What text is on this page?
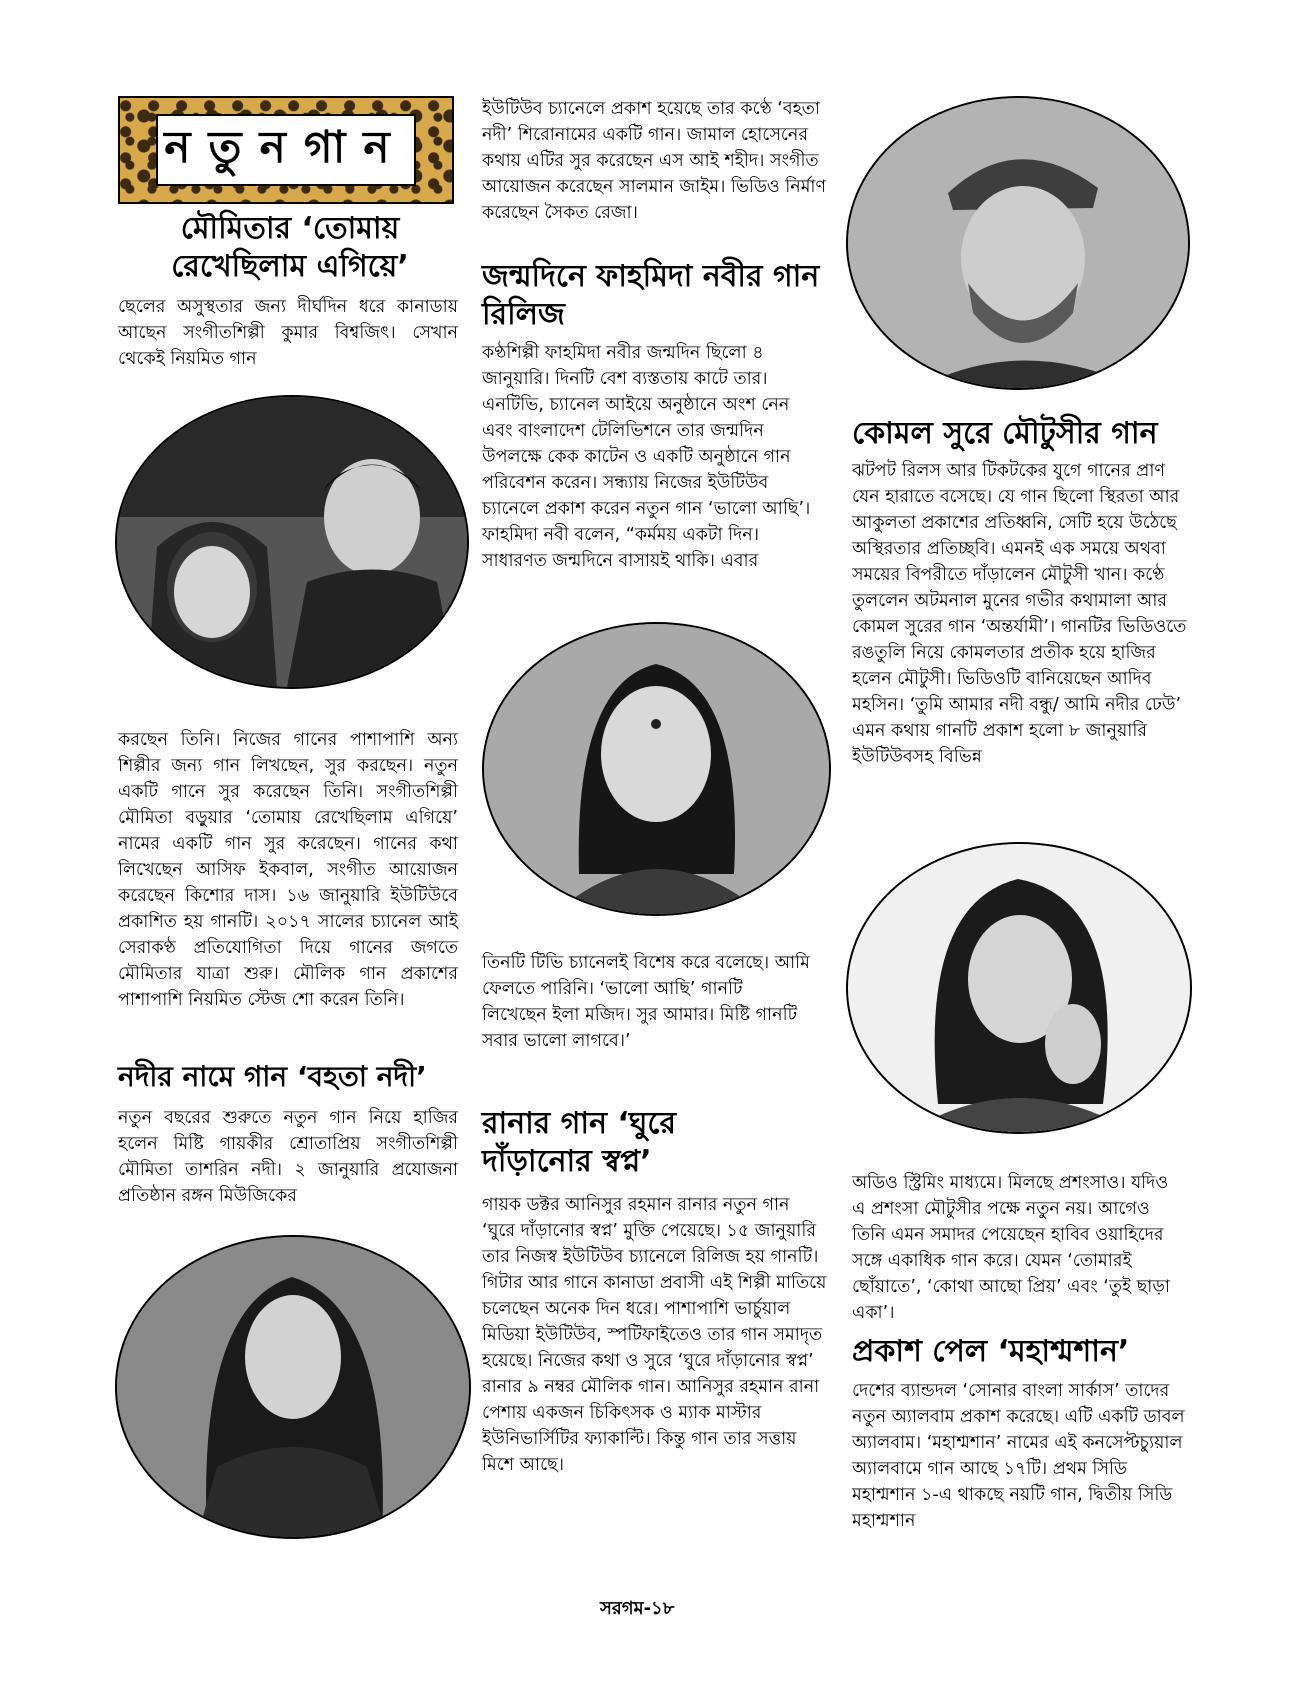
নতুনগান
মৌমিতার ‘তোমায় রেখেছিলাম এগিয়ে’

ছেলের অসুস্থতার জন্য দীর্ঘদিন ধরে কানাডায় আছেন সংগীতশিল্পী কুমার বিশ্বজিৎ। সেখান থেকেই নিয়মিত গান

করছেন তিনি। নিজের গানের পাশাপাশি অন্য শিল্পীর জন্য গান লিখছেন, সুর করছেন। নতুন একটি গানে সুর করেছেন তিনি। সংগীতশিল্পী মৌমিতা বড়ুয়ার ‘তোমায় রেখেছিলাম এগিয়ে’ নামের একটি গান সুর করেছেন। গানের কথা লিখেছেন আসিফ ইকবাল, সংগীত আয়োজন করেছেন কিশোর দাস। ১৬ জানুয়ারি ইউটিউবে প্রকাশিত হয় গানটি। ২০১৭ সালের চ্যানেল আই সেরাকণ্ঠ প্রতিযোগিতা দিয়ে গানের জগতে মৌমিতার যাত্রা শুরু। মৌলিক গান প্রকাশের পাশাপাশি নিয়মিত স্টেজ শো করেন তিনি।

নদীর নামে গান ‘বহতা নদী’

নতুন বছরের শুরুতে নতুন গান নিয়ে হাজির হলেন মিষ্টি গায়কীর শ্রোতাপ্রিয় সংগীতশিল্পী মৌমিতা তাশরিন নদী। ২ জানুয়ারি প্রযোজনা প্রতিষ্ঠান রঙ্গন মিউজিকের

ইউটিউব চ্যানেলে প্রকাশ হয়েছে তার কণ্ঠে ‘বহতা নদী’ শিরোনামের একটি গান। জামাল হোসেনের কথায় এটির সুর করেছেন এস আই শহীদ। সংগীত আয়োজন করেছেন সালমান জাইম। ভিডিও নির্মাণ করেছেন সৈকত রেজা।

জন্মদিনে ফাহমিদা নবীর গান রিলিজ

কণ্ঠশিল্পী ফাহমিদা নবীর জন্মদিন ছিলো ৪ জানুয়ারি। দিনটি বেশ ব্যস্ততায় কাটে তার। এনটিভি, চ্যানেল আইয়ে অনুষ্ঠানে অংশ নেন এবং বাংলাদেশ টেলিভিশনে তার জন্মদিন উপলক্ষে কেক কাটেন ও একটি অনুষ্ঠানে গান পরিবেশন করেন। সন্ধ্যায় নিজের ইউটিউব চ্যানেলে প্রকাশ করেন নতুন গান ‘ভালো আছি’। ফাহমিদা নবী বলেন, “কর্মময় একটা দিন। সাধারণত জন্মদিনে বাসায়ই থাকি। এবার

তিনটি টিভি চ্যানেলই বিশেষ করে বলেছে। আমি ফেলতে পারিনি। ‘ভালো আছি’ গানটি লিখেছেন ইলা মজিদ। সুর আমার। মিষ্টি গানটি সবার ভালো লাগবে।’

রানার গান ‘ঘুরে দাঁড়ানোর স্বপ্ন’

গায়ক ডক্টর আনিসুর রহমান রানার নতুন গান ‘ঘুরে দাঁড়ানোর স্বপ্ন’ মুক্তি পেয়েছে। ১৫ জানুয়ারি তার নিজস্ব ইউটিউব চ্যানেলে রিলিজ হয় গানটি। গিটার আর গানে কানাডা প্রবাসী এই শিল্পী মাতিয়ে চলেছেন অনেক দিন ধরে। পাশাপাশি ভার্চুয়াল মিডিয়া ইউটিউব, স্পটিফাইতেও তার গান সমাদৃত হয়েছে। নিজের কথা ও সুরে ‘ঘুরে দাঁড়ানোর স্বপ্ন’ রানার ৯ নম্বর মৌলিক গান। আনিসুর রহমান রানা পেশায় একজন চিকিৎসক ও ম্যাক মাস্টার ইউনিভার্সিটির ফ্যাকাল্টি। কিন্তু গান তার সত্তায় মিশে আছে।

কোমল সুরে মৌটুসীর গান

ঝটপট রিলস আর টিকটকের যুগে গানের প্রাণ যেন হারাতে বসেছে। যে গান ছিলো স্থিরতা আর আকুলতা প্রকাশের প্রতিধ্বনি, সেটি হয়ে উঠেছে অস্থিরতার প্রতিচ্ছবি। এমনই এক সময়ে অথবা সময়ের বিপরীতে দাঁড়ালেন মৌটুসী খান। কণ্ঠে তুললেন অটমনাল মুনের গভীর কথামালা আর কোমল সুরের গান ‘অন্তর্যামী’। গানটির ভিডিওতে রঙতুলি নিয়ে কোমলতার প্রতীক হয়ে হাজির হলেন মৌটুসী। ভিডিওটি বানিয়েছেন আদিব মহসিন। ‘তুমি আমার নদী বন্ধু/ আমি নদীর ঢেউ’ এমন কথায় গানটি প্রকাশ হলো ৮ জানুয়ারি ইউটিউবসহ বিভিন্ন

অডিও স্ট্রিমিং মাধ্যমে। মিলছে প্রশংসাও। যদিও এ প্রশংসা মৌটুসীর পক্ষে নতুন নয়। আগেও তিনি এমন সমাদর পেয়েছেন হাবিব ওয়াহিদের সঙ্গে একাধিক গান করে। যেমন ‘তোমারই ছোঁয়াতে’, ‘কোথা আছো প্রিয়’ এবং ‘তুই ছাড়া একা’।

প্রকাশ পেল ‘মহাশ্মশান’

দেশের ব্যান্ডদল ‘সোনার বাংলা সার্কাস’ তাদের নতুন অ্যালবাম প্রকাশ করেছে। এটি একটি ডাবল অ্যালবাম। ‘মহাশ্মশান’ নামের এই কনসেপ্টচ্যুয়াল অ্যালবামে গান আছে ১৭টি। প্রথম সিডি মহাশ্মশান ১-এ থাকছে নয়টি গান, দ্বিতীয় সিডি মহাশ্মশান

সরগম-১৮
